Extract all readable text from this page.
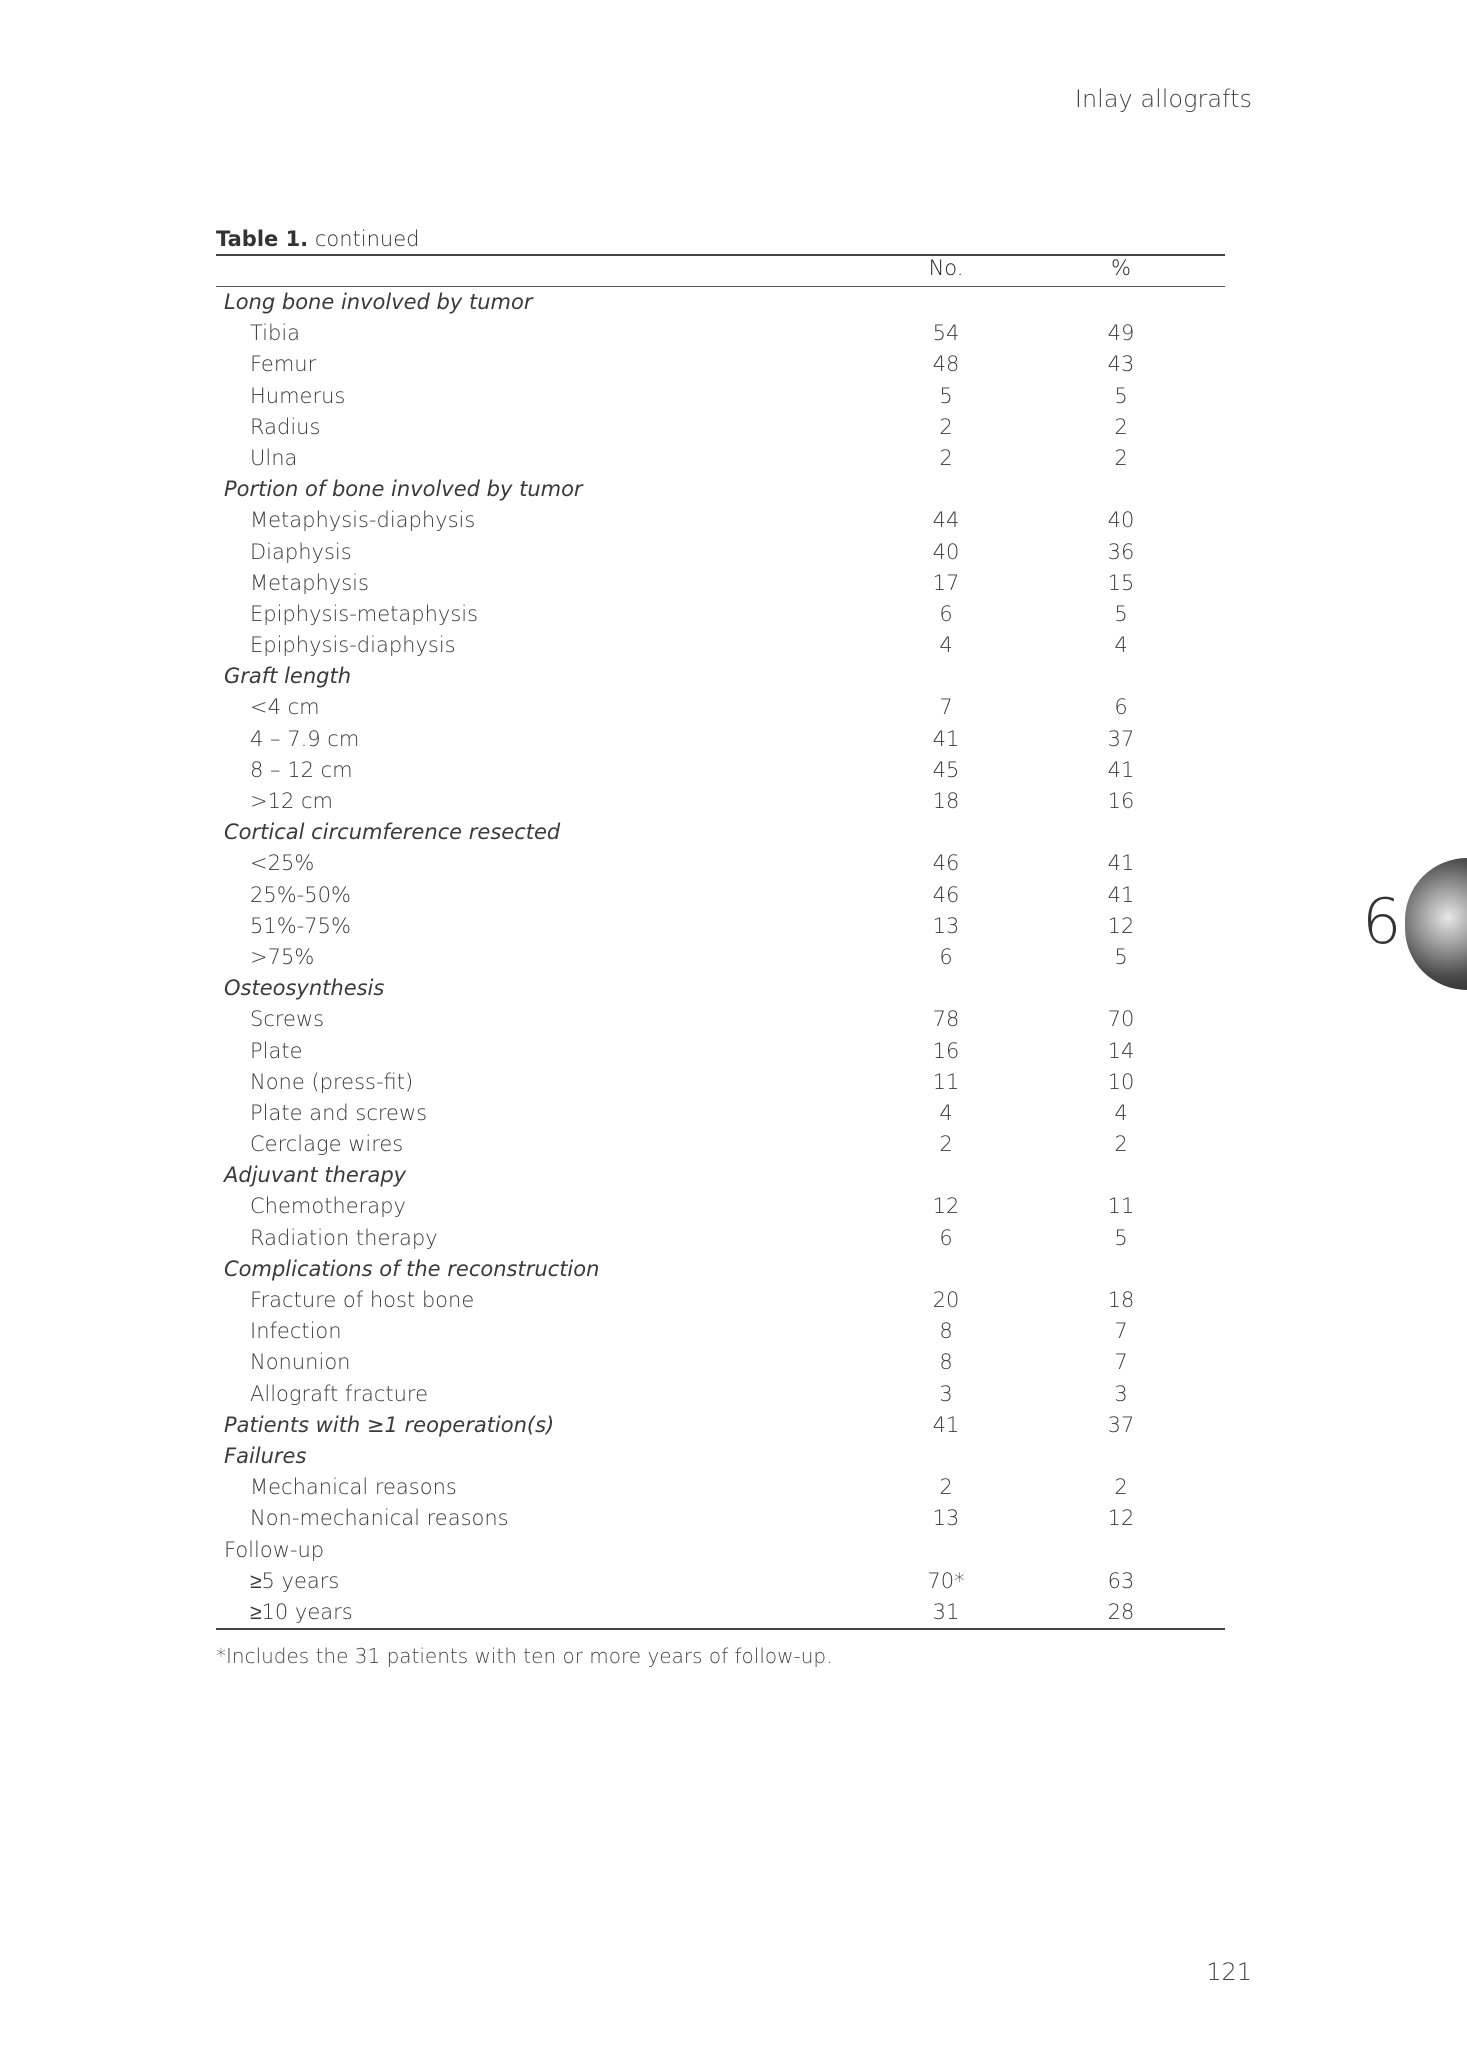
Inlay allografts
Table 1. continued
No.	%
Long bone involved by tumor
Tibia	54	49
Femur	48	43
Humerus	5	5
Radius	2	2
Ulna	2	2
Portion of bone involved by tumor
Metaphysis-diaphysis	44	40
Diaphysis	40	36
Metaphysis	17	15
Epiphysis-metaphysis	6	5
Epiphysis-diaphysis	4	4
Graft length
<4 cm	7	6
4 – 7.9 cm	41	37
8 – 12 cm	45	41
>12 cm	18	16
Cortical circumference resected
<25%	46	41
25%-50%	46	41
51%-75%	13	12
>75%	6	5
Osteosynthesis
Screws	78	70
Plate	16	14
None (press-fit)	11	10
Plate and screws	4	4
Cerclage wires	2	2
Adjuvant therapy
Chemotherapy	12	11
Radiation therapy	6	5
Complications of the reconstruction
Fracture of host bone	20	18
Infection	8	7
Nonunion	8	7
Allograft fracture	3	3
Patients with ≥1 reoperation(s)	41	37
Failures
Mechanical reasons	2	2
Non-mechanical reasons	13	12
Follow-up
≥5 years	70*	63
≥10 years	31	28
*Includes the 31 patients with ten or more years of follow-up.
6
121
